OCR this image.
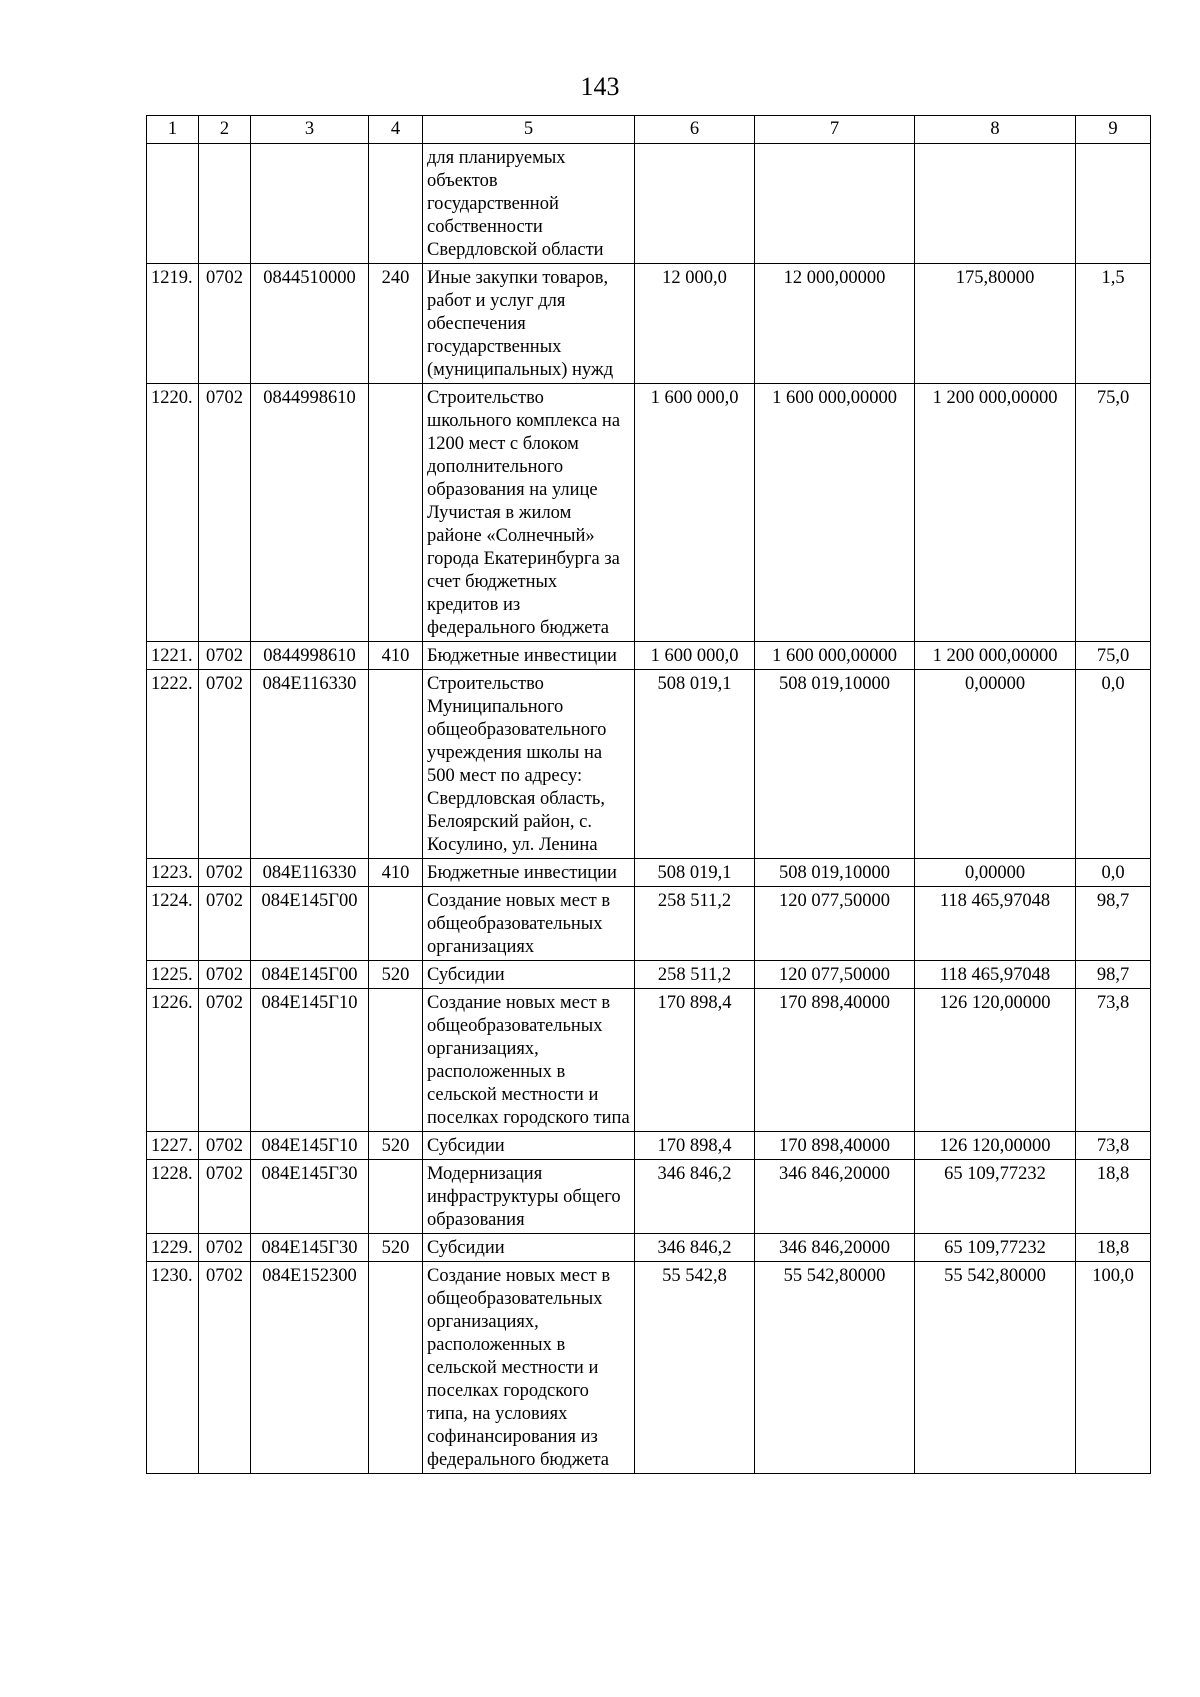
143
1	2	3	4	5	6	7	8	9
				для планируемых объектов государственной собственности Свердловской области				
1219.	0702	0844510000	240	Иные закупки товаров, работ и услуг для обеспечения государственных (муниципальных) нужд	12 000,0	12 000,00000	175,80000	1,5
1220.	0702	0844998610		Строительство школьного комплекса на 1200 мест с блоком дополнительного образования на улице Лучистая в жилом районе «Солнечный» города Екатеринбурга за счет бюджетных кредитов из федерального бюджета	1 600 000,0	1 600 000,00000	1 200 000,00000	75,0
1221.	0702	0844998610	410	Бюджетные инвестиции	1 600 000,0	1 600 000,00000	1 200 000,00000	75,0
1222.	0702	084E116330		Строительство Муниципального общеобразовательного учреждения школы на 500 мест по адресу: Свердловская область, Белоярский район, с. Косулино, ул. Ленина	508 019,1	508 019,10000	0,00000	0,0
1223.	0702	084E116330	410	Бюджетные инвестиции	508 019,1	508 019,10000	0,00000	0,0
1224.	0702	084E145Г00		Создание новых мест в общеобразовательных организациях	258 511,2	120 077,50000	118 465,97048	98,7
1225.	0702	084E145Г00	520	Субсидии	258 511,2	120 077,50000	118 465,97048	98,7
1226.	0702	084E145Г10		Создание новых мест в общеобразовательных организациях, расположенных в сельской местности и поселках городского типа	170 898,4	170 898,40000	126 120,00000	73,8
1227.	0702	084E145Г10	520	Субсидии	170 898,4	170 898,40000	126 120,00000	73,8
1228.	0702	084E145Г30		Модернизация инфраструктуры общего образования	346 846,2	346 846,20000	65 109,77232	18,8
1229.	0702	084E145Г30	520	Субсидии	346 846,2	346 846,20000	65 109,77232	18,8
1230.	0702	084E152300		Создание новых мест в общеобразовательных организациях, расположенных в сельской местности и поселках городского типа, на условиях софинансирования из федерального бюджета	55 542,8	55 542,80000	55 542,80000	100,0
